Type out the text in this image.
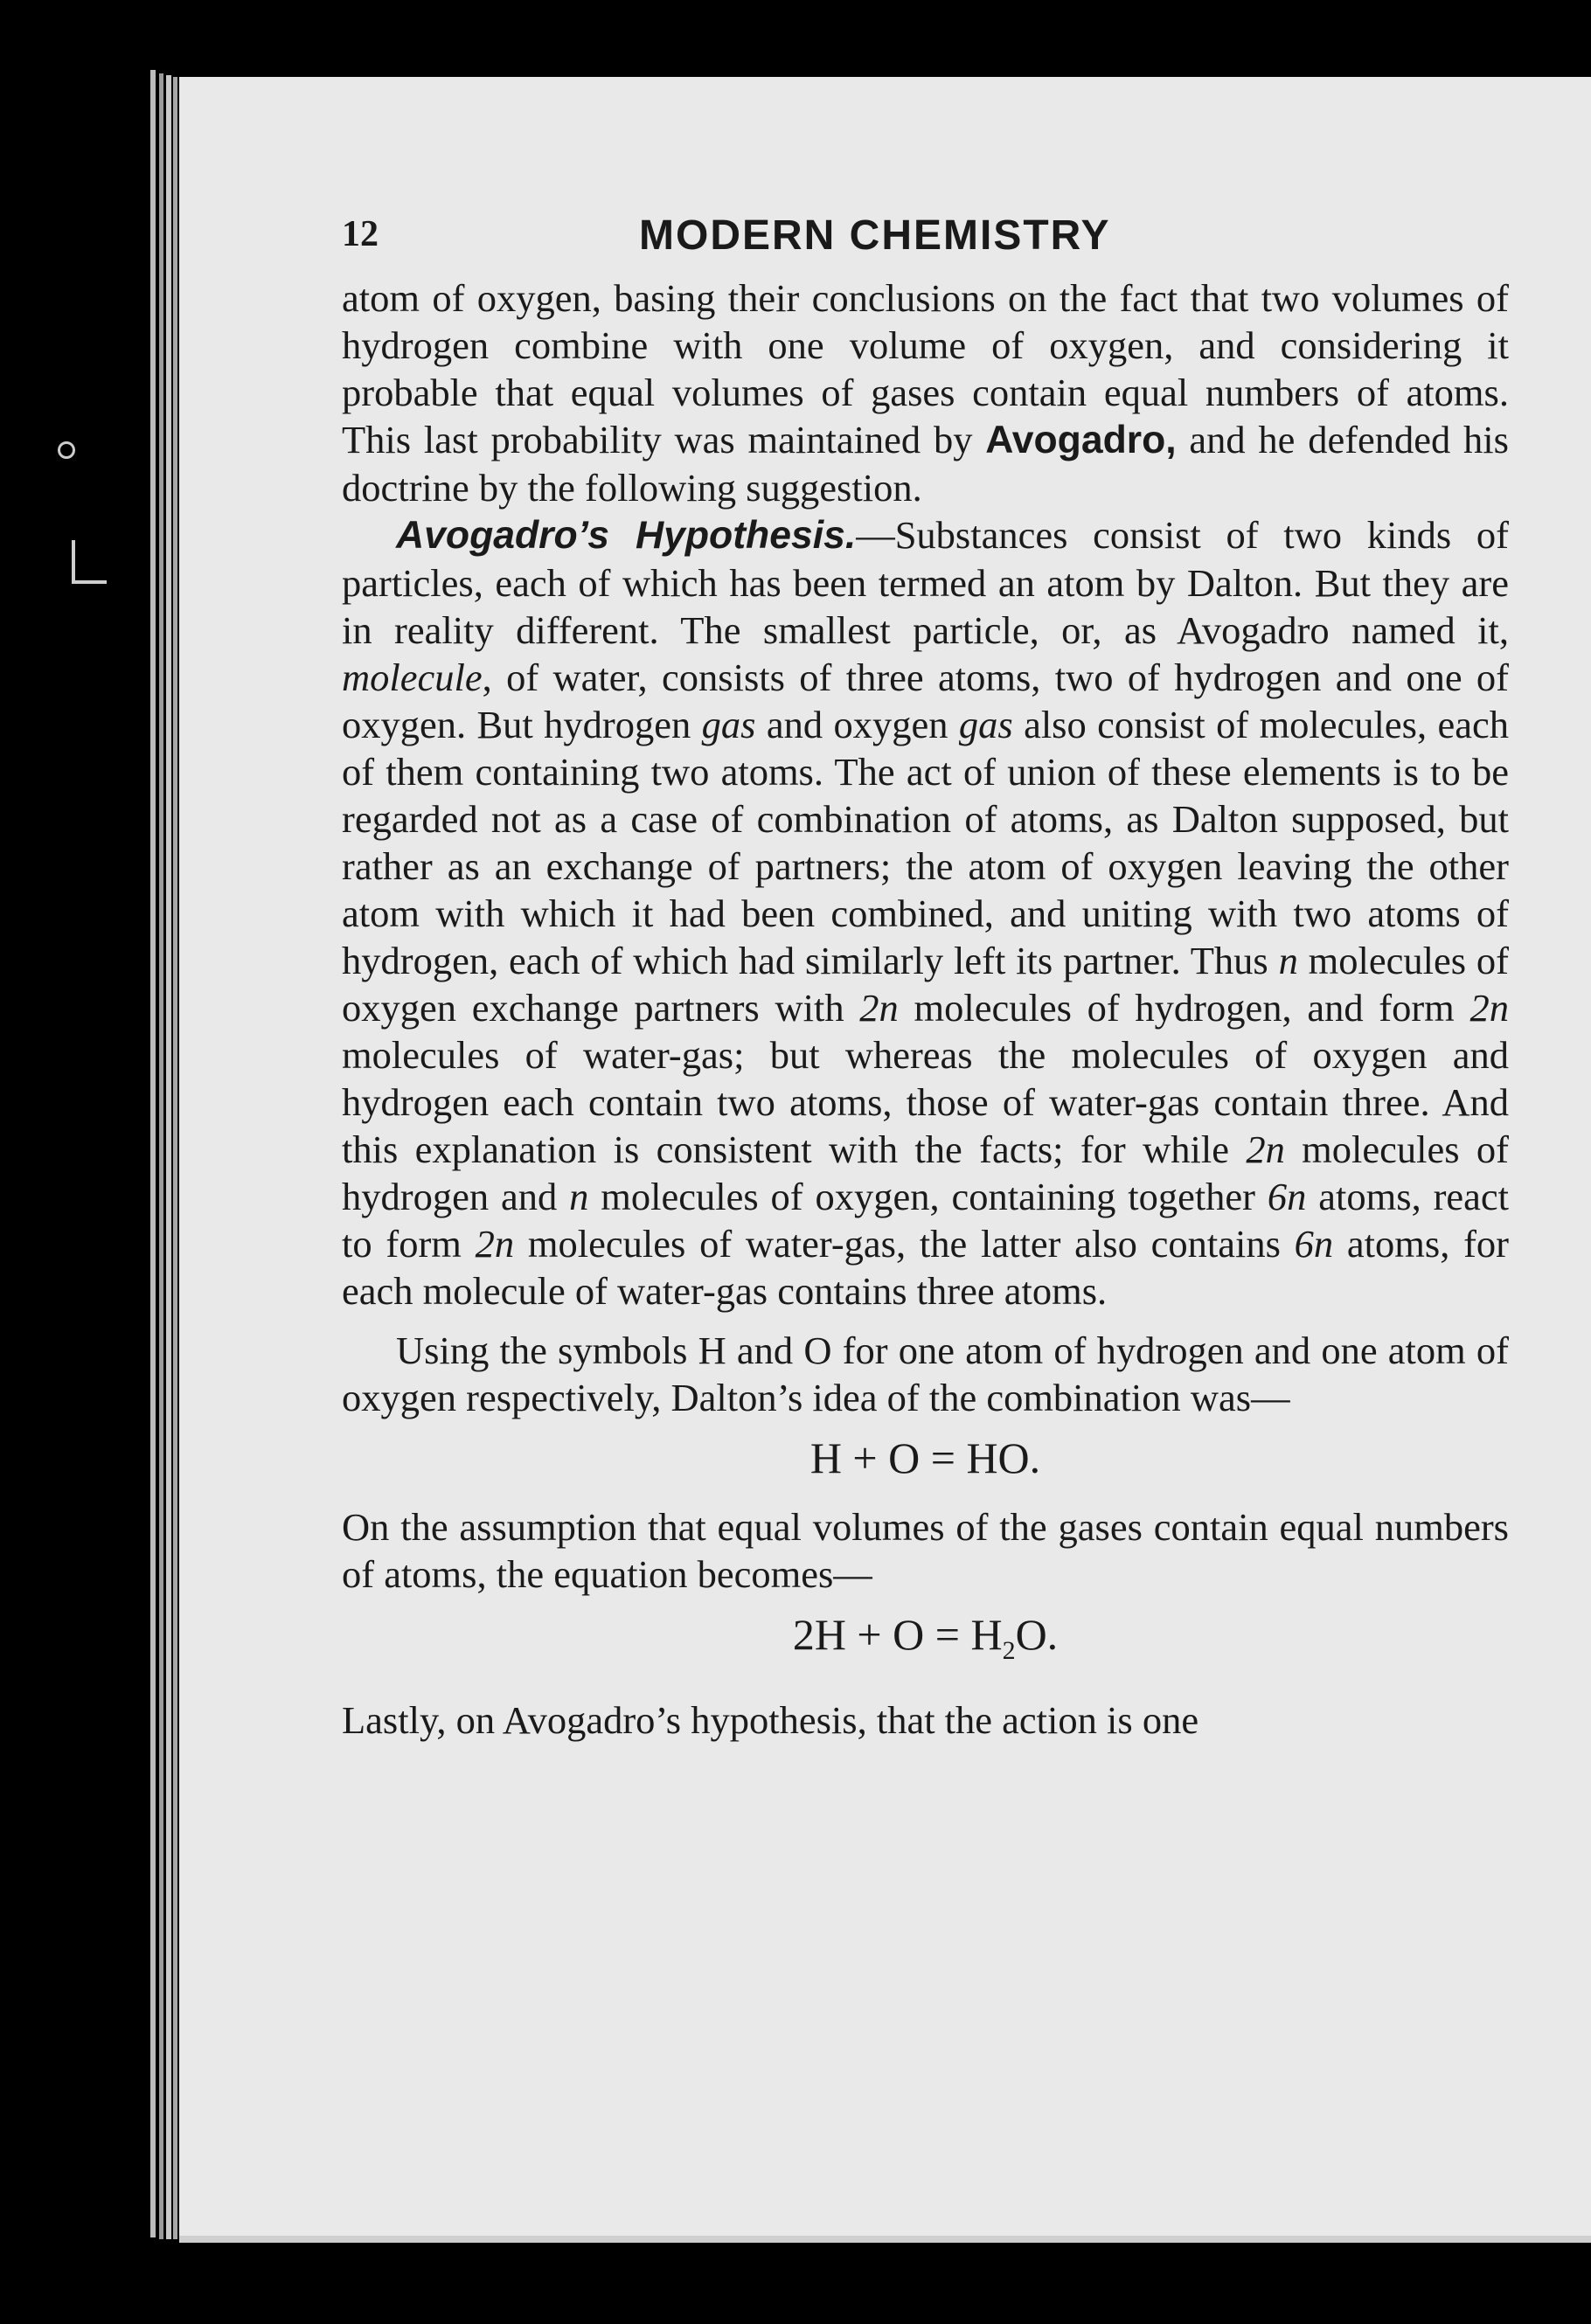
12	MODERN CHEMISTRY

atom of oxygen, basing their conclusions on the fact that two volumes of hydrogen combine with one volume of oxygen, and considering it probable that equal volumes of gases contain equal numbers of atoms. This last probability was maintained by Avogadro, and he defended his doctrine by the following suggestion.

Avogadro’s Hypothesis.—Substances consist of two kinds of particles, each of which has been termed an atom by Dalton. But they are in reality different. The smallest particle, or, as Avogadro named it, molecule, of water, consists of three atoms, two of hydrogen and one of oxygen. But hydrogen gas and oxygen gas also consist of molecules, each of them containing two atoms. The act of union of these elements is to be regarded not as a case of combination of atoms, as Dalton supposed, but rather as an exchange of partners; the atom of oxygen leaving the other atom with which it had been combined, and uniting with two atoms of hydrogen, each of which had similarly left its partner. Thus n molecules of oxygen exchange partners with 2n molecules of hydrogen, and form 2n molecules of water-gas; but whereas the molecules of oxygen and hydrogen each contain two atoms, those of water-gas contain three. And this explanation is consistent with the facts; for while 2n molecules of hydrogen and n molecules of oxygen, containing together 6n atoms, react to form 2n molecules of water-gas, the latter also contains 6n atoms, for each molecule of water-gas contains three atoms.

Using the symbols H and O for one atom of hydrogen and one atom of oxygen respectively, Dalton’s idea of the combination was—

H + O = HO.

On the assumption that equal volumes of the gases contain equal numbers of atoms, the equation becomes—

$2H + O = H_2O$.

Lastly, on Avogadro’s hypothesis, that the action is one
